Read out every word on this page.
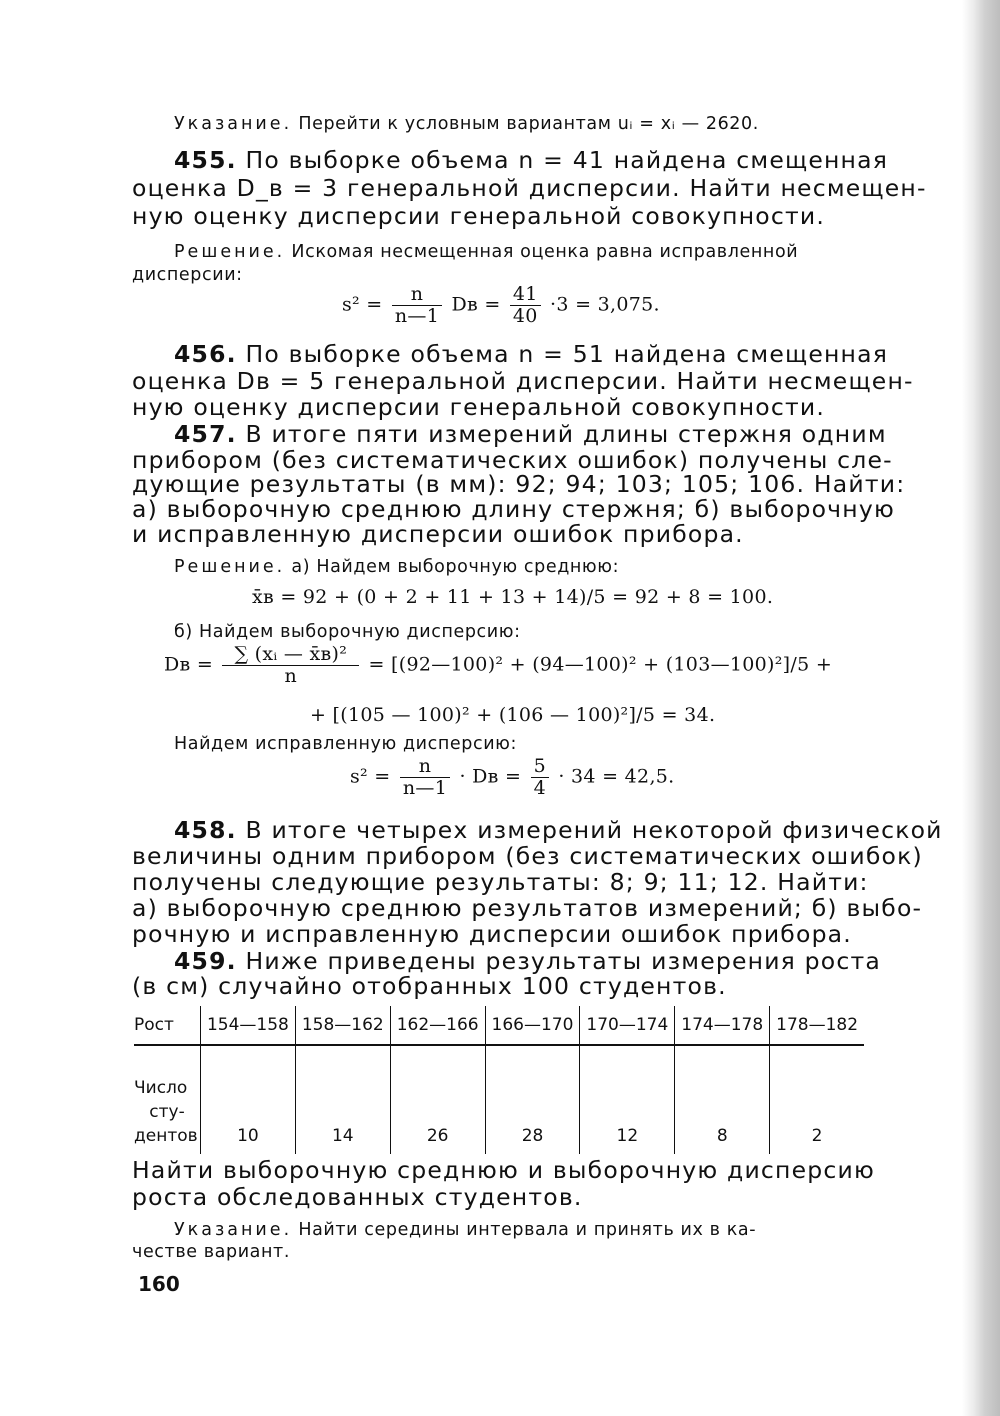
Указание. Перейти к условным вариантам uᵢ = xᵢ — 2620.
455. По выборке объема n = 41 найдена смещенная
оценка D_в = 3 генеральной дисперсии. Найти несмещен-
ную оценку дисперсии генеральной совокупности.
Решение. Искомая несмещенная оценка равна исправленной
дисперсии:
$s^2 = \frac{n}{n—1}$ Dв = $\frac{41}{40} \cdot 3 = 3,075$.
456. По выборке объема n = 51 найдена смещенная
оценка Dв = 5 генеральной дисперсии. Найти несмещен-
ную оценку дисперсии генеральной совокупности.
457. В итоге пяти измерений длины стержня одним
прибором (без систематических ошибок) получены сле-
дующие результаты (в мм): 92; 94; 103; 105; 106. Найти:
а) выборочную среднюю длину стержня; б) выборочную
и исправленную дисперсии ошибок прибора.
Решение. а) Найдем выборочную среднюю:
x̄в = 92 + (0 + 2 + 11 + 13 + 14)/5 = 92 + 8 = 100.
б) Найдем выборочную дисперсию:
Dв = $\frac{\text{∑ (xᵢ — x̄в)²}}{n}$ = [(92—100)² + (94—100)² + (103—100)²]/5 +
+ [(105 — 100)² + (106 — 100)²]/5 = 34.
Найдем исправленную дисперсию:
$s^2 = \frac{n}{n—1}$ · Dв = $\frac{5}{4} \cdot 34 = 42,5$.
458. В итоге четырех измерений некоторой физической
величины одним прибором (без систематических ошибок)
получены следующие результаты: 8; 9; 11; 12. Найти:
а) выборочную среднюю результатов измерений; б) выбо-
рочную и исправленную дисперсии ошибок прибора.
459. Ниже приведены результаты измерения роста
(в см) случайно отобранных 100 студентов.
Рост	154—158	158—162	162—166	166—170	170—174	174—178	178—182

Число
сту-
дентов	10	14	26	28	12	8	2
Найти выборочную среднюю и выборочную дисперсию
роста обследованных студентов.
Указание. Найти середины интервала и принять их в ка-
честве вариант.
160
